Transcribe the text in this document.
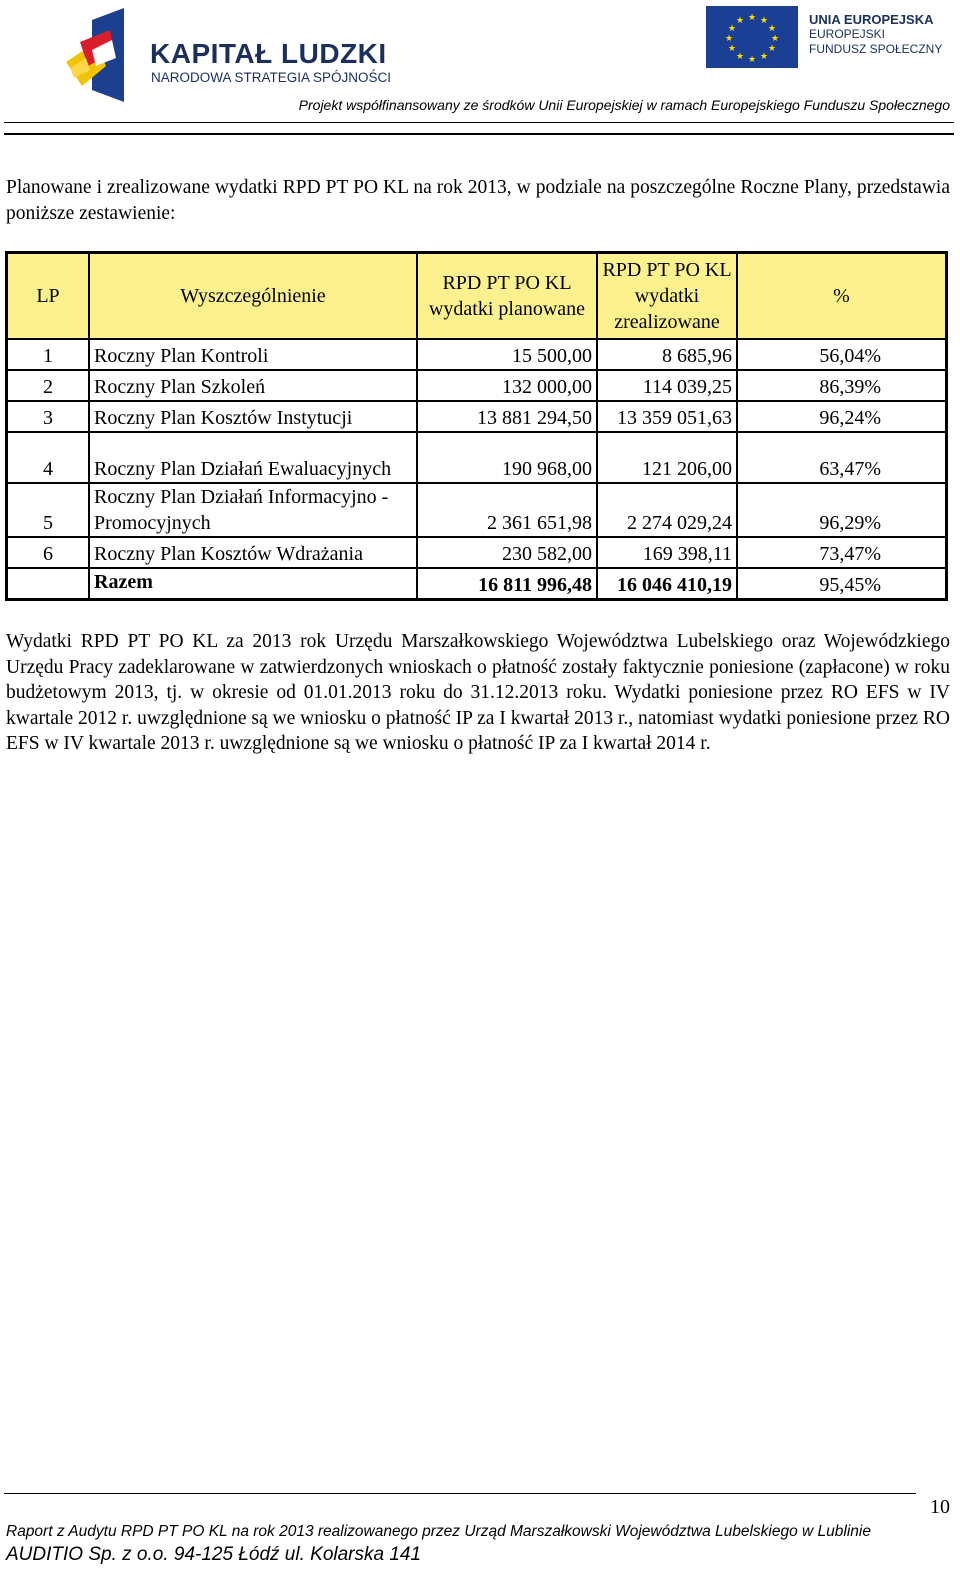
KAPITAŁ LUDZKI
NARODOWA STRATEGIA SPÓJNOŚCI
★ ★
★
★
★
★
★
★
★
★
★
★	UNIA EUROPEJSKA
EUROPEJSKI
FUNDUSZ SPOŁECZNY
Projekt współfinansowany ze środków Unii Europejskiej w ramach Europejskiego Funduszu Społecznego
Planowane i zrealizowane wydatki RPD PT PO KL na rok 2013, w podziale na poszczególne Roczne Plany, przedstawia poniższe zestawienie:
LP	Wyszczególnienie	RPD PT PO KL wydatki planowane	RPD PT PO KL wydatki zrealizowane	%
1	Roczny Plan Kontroli	15 500,00	8 685,96	56,04%
2	Roczny Plan Szkoleń	132 000,00	114 039,25	86,39%
3	Roczny Plan Kosztów Instytucji	13 881 294,50	13 359 051,63	96,24%
4	Roczny Plan Działań Ewaluacyjnych	190 968,00	121 206,00	63,47%
5	Roczny Plan Działań Informacyjno - Promocyjnych	2 361 651,98	2 274 029,24	96,29%
6	Roczny Plan Kosztów Wdrażania	230 582,00	169 398,11	73,47%
	Razem	16 811 996,48	16 046 410,19	95,45%
Wydatki RPD PT PO KL za 2013 rok Urzędu Marszałkowskiego Województwa Lubelskiego oraz Wojewódzkiego Urzędu Pracy zadeklarowane w zatwierdzonych wnioskach o płatność zostały faktycznie poniesione (zapłacone) w roku budżetowym 2013, tj. w okresie od 01.01.2013 roku do 31.12.2013 roku. Wydatki poniesione przez RO EFS w IV kwartale 2012 r. uwzględnione są we wniosku o płatność IP za I kwartał 2013 r., natomiast wydatki poniesione przez RO EFS w IV kwartale 2013 r. uwzględnione są we wniosku o płatność IP za I kwartał 2014 r.
10
Raport z Audytu RPD PT PO KL na rok 2013 realizowanego przez Urząd Marszałkowski Województwa Lubelskiego w Lublinie
AUDITIO Sp. z o.o. 94-125 Łódź ul. Kolarska 141
